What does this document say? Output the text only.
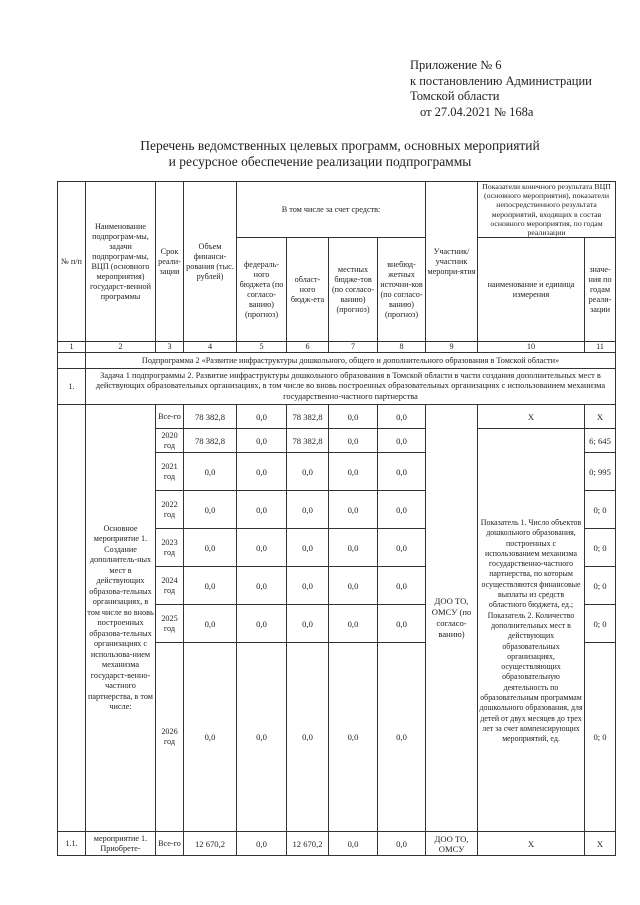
Приложение № 6
к постановлению Администрации
Томской области
от 27.04.2021 № 168а
Перечень ведомственных целевых программ, основных мероприятий
и ресурсное обеспечение реализации подпрограммы
№ п/п	Наименование подпрограм-мы, задачи подпрограм-мы, ВЦП (основного мероприятия) государст-венной программы	Срок реали-зации	Объем финанси-рования (тыс. рублей)	В том числе за счет средств:				Участник/ участник меропри-ятия	Показатели конечного результата ВЦП (основного мероприятия), показатели непосредственного результата мероприятий, входящих в состав основного мероприятия, по годам реализации	
				федераль-ного бюджета (по согласо-ванию) (прогноз)	област-ного бюдж-ета	местных бюдже-тов (по согласо-ванию) (прогноз)	внебюд-жетных источни-ков (по согласо-ванию) (прогноз)		наименование и единица измерения	значе-ния по годам реали-зации
1	2	3	4	5	6	7	8	9	10	11
	Подпрограмма 2 «Развитие инфраструктуры дошкольного, общего и дополнительного образования в Томской области»									
1.	Задача 1 подпрограммы 2. Развитие инфраструктуры дошкольного образования в Томской области в части создания дополнительных мест в действующих образовательных организациях, в том числе во вновь построенных образовательных организациях с использованием механизма государственно-частного партнерства									
	Основное мероприятие 1. Создание дополнитель-ных мест в действующих образова-тельных организациях, в том числе во вновь построенных образова-тельных организациях с использова-нием механизма государст-венно-частного партнерства, в том числе:	Все-го	78 382,8	0,0	78 382,8	0,0	0,0	ДОО ТО, ОМСУ (по согласо-ванию)	Х	Х
		2020 год	78 382,8	0,0	78 382,8	0,0	0,0		Показатель 1. Число объектов дошкольного образования, построенных с использованием механизма государственно-частного партнерства, по которым осуществляются финансовые выплаты из средств областного бюджета, ед.; Показатель 2. Количество дополнительных мест в действующих образовательных организациях, осуществляющих образовательную деятельность по образовательным программам дошкольного образования, для детей от двух месяцев до трех лет за счет компенсирующих мероприятий, ед.	6; 645
		2021 год	0,0	0,0	0,0	0,0	0,0			0; 995
		2022 год	0,0	0,0	0,0	0,0	0,0			0; 0
		2023 год	0,0	0,0	0,0	0,0	0,0			0; 0
		2024 год	0,0	0,0	0,0	0,0	0,0			0; 0
		2025 год	0,0	0,0	0,0	0,0	0,0			0; 0
		2026 год	0,0	0,0	0,0	0,0	0,0			0; 0
1.1.	мероприятие 1. Приобрете-	Все-го	12 670,2	0,0	12 670,2	0,0	0,0	ДОО ТО, ОМСУ	Х	Х
